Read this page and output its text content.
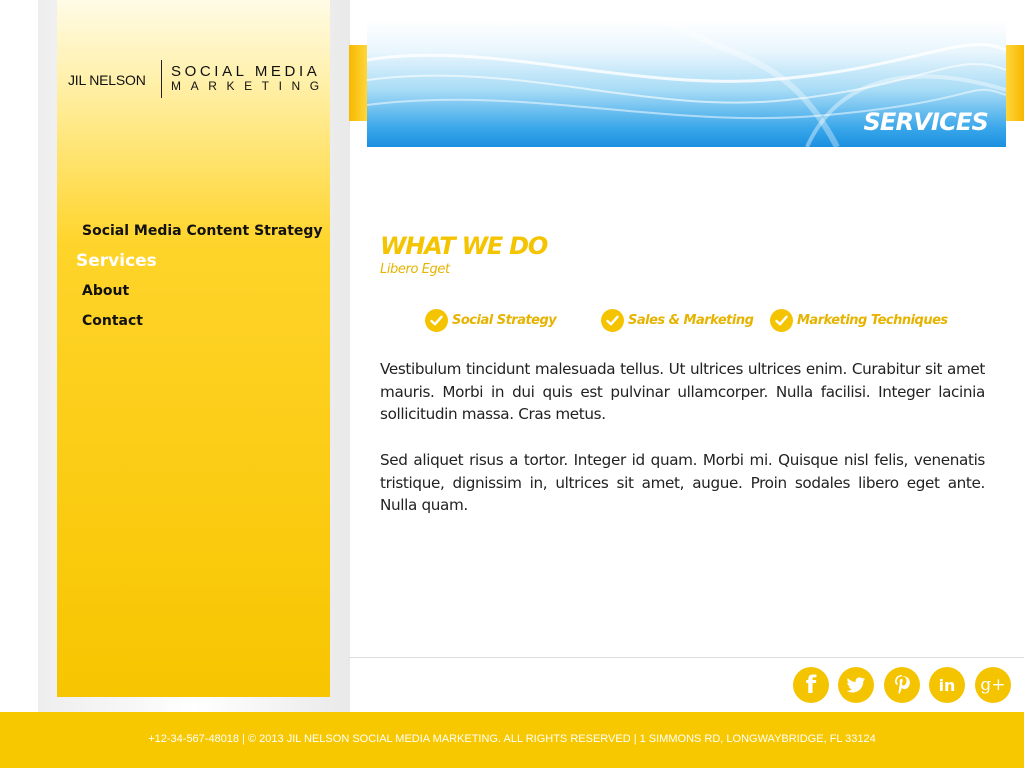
JIL NELSON SOCIAL MEDIA
MARKETING
Social Media Content Strategy
Services
About
Contact
SERVICES
WHAT WE DO
Libero Eget
Social Strategy	Sales & Marketing	Marketing Techniques

Vestibulum tincidunt malesuada tellus. Ut ultrices ultrices enim. Curabitur sit amet mauris. Morbi in dui quis est pulvinar ullamcorper. Nulla facilisi. Integer lacinia sollicitudin massa. Cras metus.

Sed aliquet risus a tortor. Integer id quam. Morbi mi. Quisque nisl felis, venenatis tristique, dignissim in, ultrices sit amet, augue. Proin sodales libero eget ante. Nulla quam.

f	in g+
+12-34-567-48018 | © 2013 JIL NELSON SOCIAL MEDIA MARKETING. ALL RIGHTS RESERVED | 1 SIMMONS RD, LONGWAYBRIDGE, FL 33124
